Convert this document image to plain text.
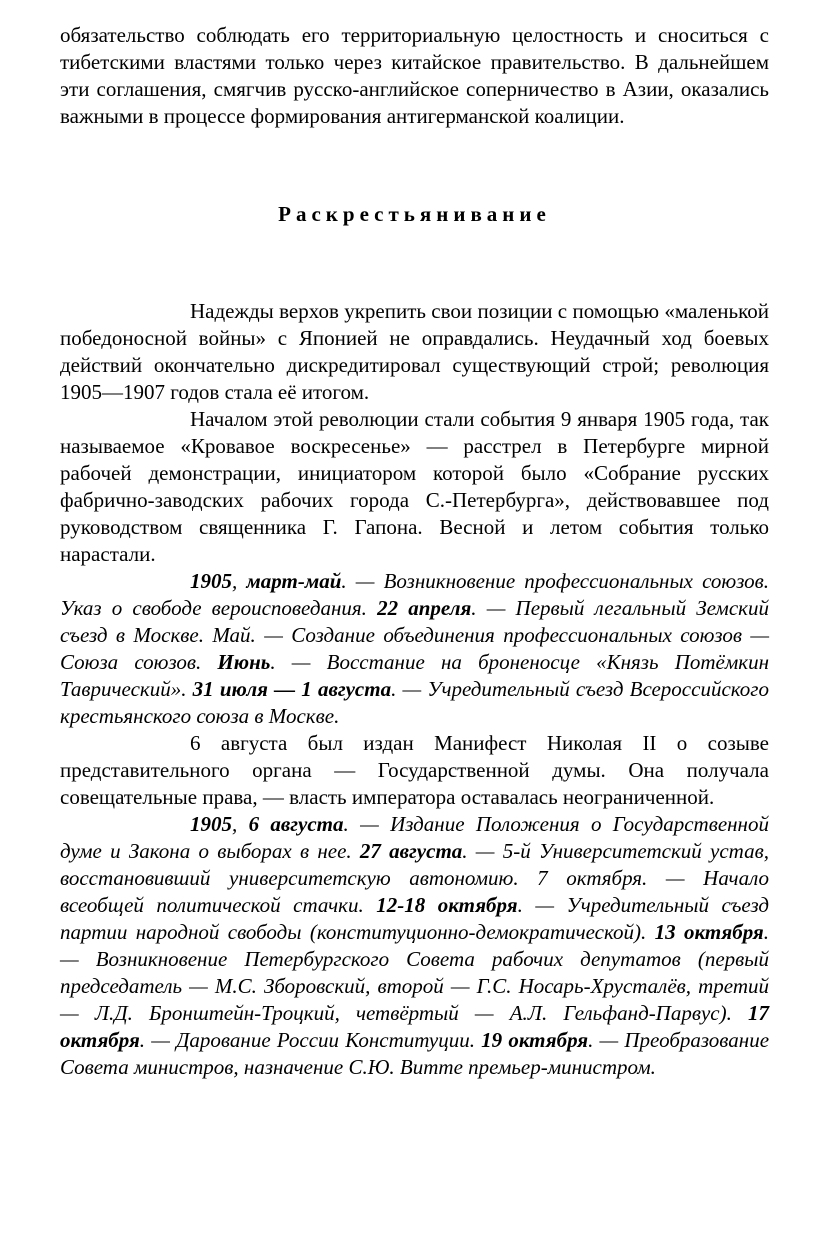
обязательство соблюдать его территориальную целостность и сноситься с тибетскими властями только через китайское правительство. В дальнейшем эти соглашения, смягчив русско-английское соперничество в Азии, оказались важными в процессе формирования антигерманской коалиции.

Раскрестьянивание

Надежды верхов укрепить свои позиции с помощью «маленькой победоносной войны» с Японией не оправдались. Неудачный ход боевых действий окончательно дискредитировал существующий строй; революция 1905—1907 годов стала её итогом.

Началом этой революции стали события 9 января 1905 года, так называемое «Кровавое воскресенье» — расстрел в Петербурге мирной рабочей демонстрации, инициатором которой было «Собрание русских фабрично-заводских рабочих города С.-Петербурга», действовавшее под руководством священника Г. Гапона. Весной и летом события только нарастали.

1905, март-май. — Возникновение профессиональных союзов. Указ о свободе вероисповедания. 22 апреля. — Первый легальный Земский съезд в Москве. Май. — Создание объединения профессиональных союзов — Союза союзов. Июнь. — Восстание на броненосце «Князь Потёмкин Таврический». 31 июля — 1 августа. — Учредительный съезд Всероссийского крестьянского союза в Москве.

6 августа был издан Манифест Николая II о созыве представительного органа — Государственной думы. Она получала совещательные права, — власть императора оставалась неограниченной.

1905, 6 августа. — Издание Положения о Государственной думе и Закона о выборах в нее. 27 августа. — 5-й Университетский устав, восстановивший университетскую автономию. 7 октября. — Начало всеобщей политической стачки. 12-18 октября. — Учредительный съезд партии народной свободы (конституционно-демократической). 13 октября. — Возникновение Петербургского Совета рабочих депутатов (первый председатель — М.С. Зборовский, второй — Г.С. Носарь-Хрусталёв, третий — Л.Д. Бронштейн-Троцкий, четвёртый — А.Л. Гельфанд-Парвус). 17 октября. — Дарование России Конституции. 19 октября. — Преобразование Совета министров, назначение С.Ю. Витте премьер-министром.
